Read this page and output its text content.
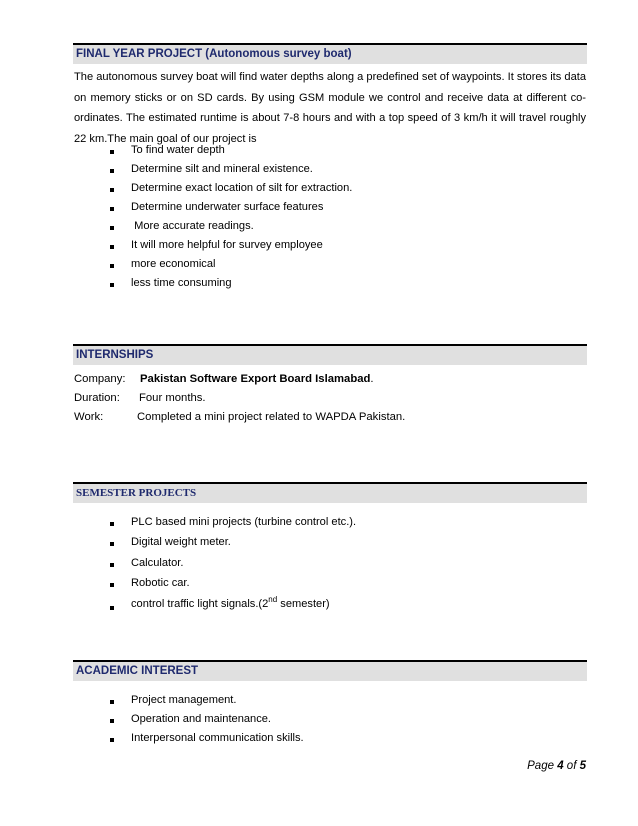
FINAL YEAR PROJECT (Autonomous survey boat)
The autonomous survey boat will find water depths along a predefined set of waypoints. It stores its data on memory sticks or on SD cards. By using GSM module we control and receive data at different co-ordinates. The estimated runtime is about 7-8 hours and with a top speed of 3 km/h it will travel roughly 22 km.The main goal of our project is
To find water depth
Determine silt and mineral existence.
Determine exact location of silt for extraction.
Determine underwater surface features
More accurate readings.
It will more helpful for survey employee
more economical
less time consuming
INTERNSHIPS
Company: Pakistan Software Export Board Islamabad.
Duration: Four months.
Work:	Completed a mini project related to WAPDA Pakistan.
SEMESTER PROJECTS
PLC based mini projects (turbine control etc.).
Digital weight meter.
Calculator.
Robotic car.
control traffic light signals.(2nd semester)
ACADEMIC INTEREST
Project management.
Operation and maintenance.
Interpersonal communication skills.
Page 4 of 5
